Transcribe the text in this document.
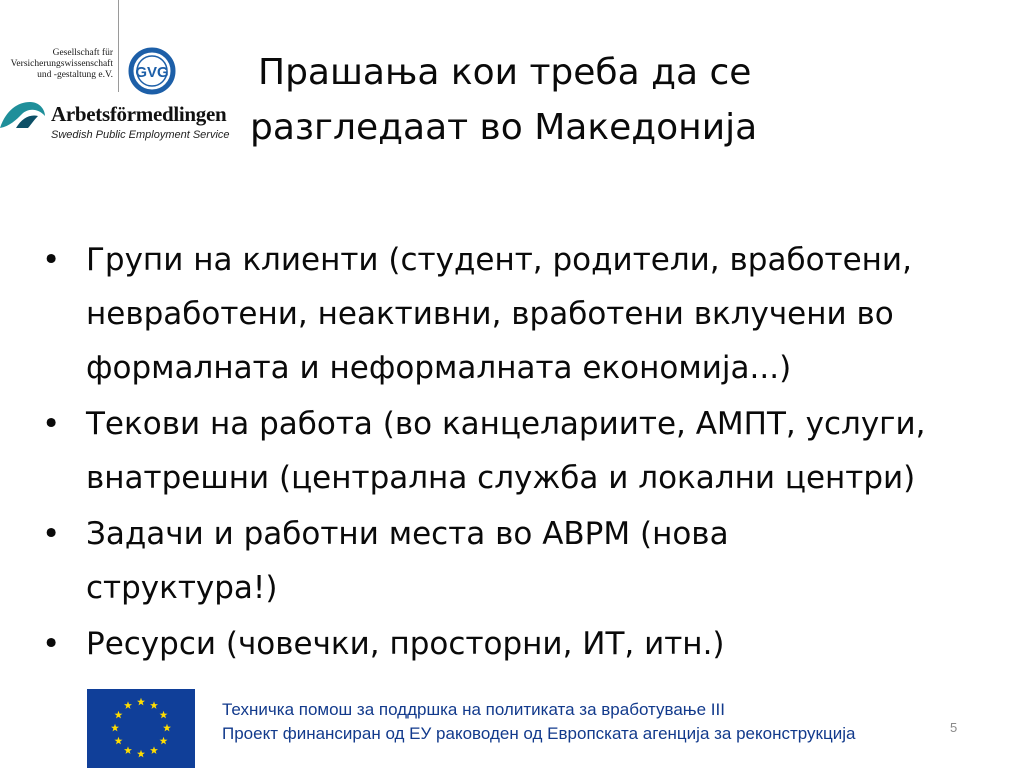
Gesellschaft für
Versicherungswissenschaft
und -gestaltung e.V. GVG
Arbetsförmedlingen
Swedish Public Employment Service
Прашања кои треба да се
разгледаат во Македонија
• Групи на клиенти (студент, родители, вработени,
невработени, неактивни, вработени вклучени во
формалната и неформалната економија...)
• Текови на работа (во канцелариите, АМПТ, услуги,
внатрешни (централна служба и локални центри)
• Задачи и работни места во АВРМ (нова
структура!)
• Ресурси (човечки, просторни, ИТ, итн.)
Техничка помош за поддршка на политиката за вработување III
Проект финансиран од ЕУ раководен од Европската агенција за реконструкција	5
